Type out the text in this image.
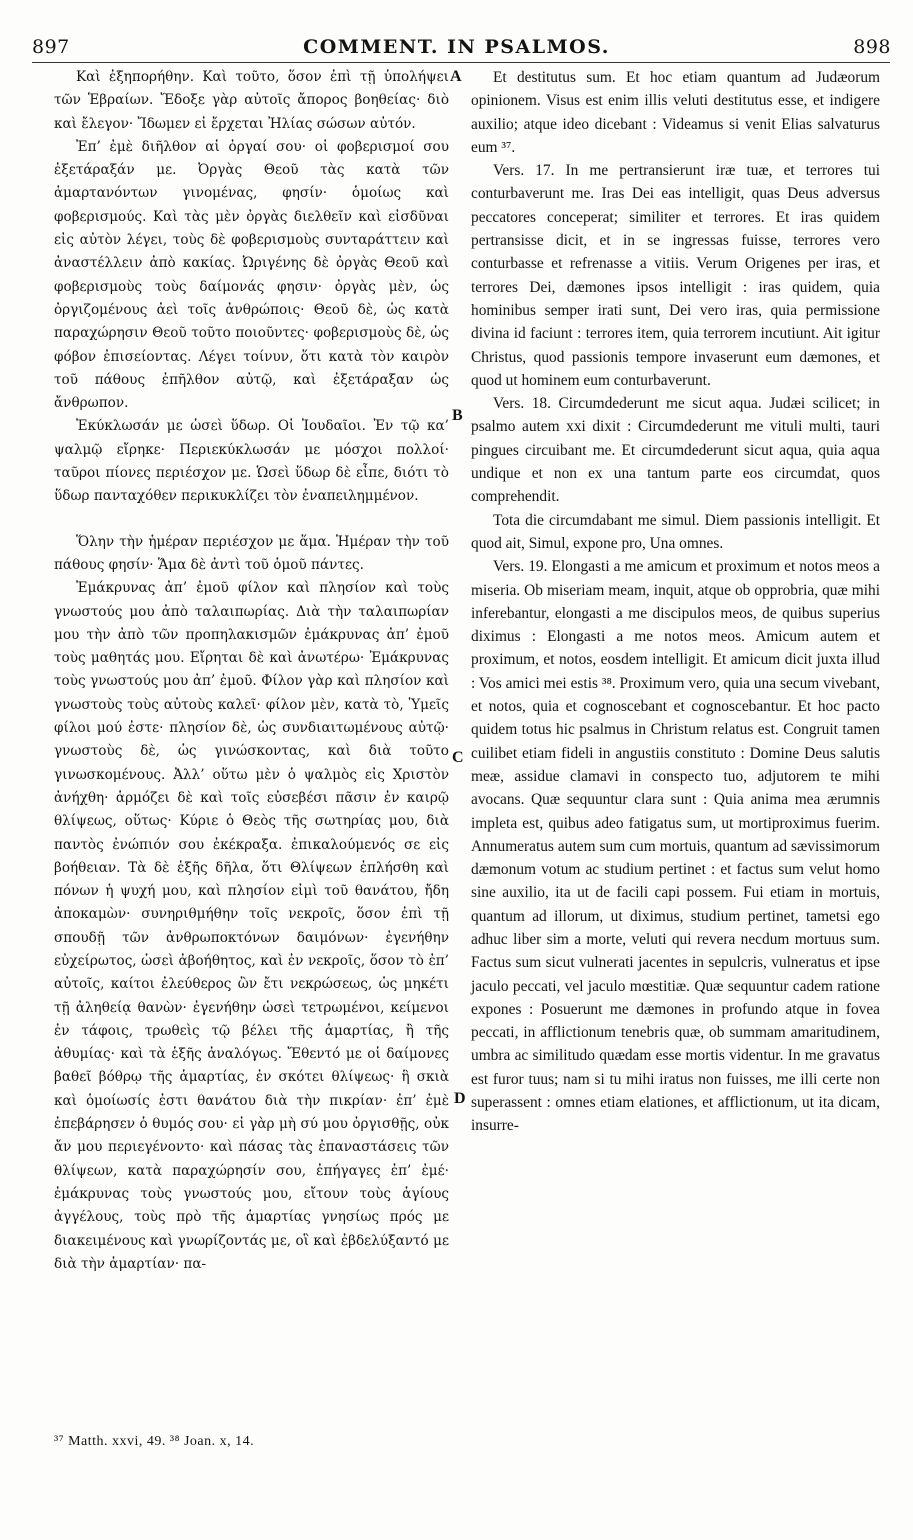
897	COMMENT. IN PSALMOS.	898

Καὶ ἐξηπορήθην. Καὶ τοῦτο, ὅσον ἐπὶ τῇ ὑπολήψει τῶν Ἑβραίων. Ἔδοξε γὰρ αὐτοῖς ἄπορος βοηθείας· διὸ καὶ ἔλεγον· Ἴδωμεν εἰ ἔρχεται Ἠλίας σώσων αὐτόν.

Ἐπ’ ἐμὲ διῆλθον αἱ ὀργαί σου· οἱ φοβερισμοί σου ἐξετάραξάν με. Ὀργὰς Θεοῦ τὰς κατὰ τῶν ἁμαρτανόντων γινομένας, φησίν· ὁμοίως καὶ φοβερισμούς. Καὶ τὰς μὲν ὀργὰς διελθεῖν καὶ εἰσδῦναι εἰς αὐτὸν λέγει, τοὺς δὲ φοβερισμοὺς συνταράττειν καὶ ἀναστέλλειν ἀπὸ κακίας. Ὠριγένης δὲ ὀργὰς Θεοῦ καὶ φοβερισμοὺς τοὺς δαίμονάς φησιν· ὀργὰς μὲν, ὡς ὀργιζομένους ἀεὶ τοῖς ἀνθρώποις· Θεοῦ δὲ, ὡς κατὰ παραχώρησιν Θεοῦ τοῦτο ποιοῦντες· φοβερισμοὺς δὲ, ὡς φόβον ἐπισείοντας. Λέγει τοίνυν, ὅτι κατὰ τὸν καιρὸν τοῦ πάθους ἐπῆλθον αὐτῷ, καὶ ἐξετάραξαν ὡς ἄνθρωπον.

Ἐκύκλωσάν με ὡσεὶ ὕδωρ. Οἱ Ἰουδαῖοι. Ἐν τῷ κα’ ψαλμῷ εἴρηκε· Περιεκύκλωσάν με μόσχοι πολλοί· ταῦροι πίονες περιέσχον με. Ὡσεὶ ὕδωρ δὲ εἶπε, διότι τὸ ὕδωρ πανταχόθεν περικυκλίζει τὸν ἐναπειλημμένον.

Ὅλην τὴν ἡμέραν περιέσχον με ἅμα. Ἡμέραν τὴν τοῦ πάθους φησίν· Ἅμα δὲ ἀντὶ τοῦ ὁμοῦ πάντες.

Ἐμάκρυνας ἀπ’ ἐμοῦ φίλον καὶ πλησίον καὶ τοὺς γνωστούς μου ἀπὸ ταλαιπωρίας. Διὰ τὴν ταλαιπωρίαν μου τὴν ἀπὸ τῶν προπηλακισμῶν ἐμάκρυνας ἀπ’ ἐμοῦ τοὺς μαθητάς μου. Εἴρηται δὲ καὶ ἀνωτέρω· Ἐμάκρυνας τοὺς γνωστούς μου ἀπ’ ἐμοῦ. Φίλον γὰρ καὶ πλησίον καὶ γνωστοὺς τοὺς αὐτοὺς καλεῖ· φίλον μὲν, κατὰ τὸ, Ὑμεῖς φίλοι μού ἐστε· πλησίον δὲ, ὡς συνδιαιτωμένους αὐτῷ· γνωστοὺς δὲ, ὡς γινώσκοντας, καὶ διὰ τοῦτο γινωσκομένους. Ἀλλ’ οὕτω μὲν ὁ ψαλμὸς εἰς Χριστὸν ἀνήχθη· ἁρμόζει δὲ καὶ τοῖς εὐσεβέσι πᾶσιν ἐν καιρῷ θλίψεως, οὕτως· Κύριε ὁ Θεὸς τῆς σωτηρίας μου, διὰ παντὸς ἐνώπιόν σου ἐκέκραξα. ἐπικαλούμενός σε εἰς βοήθειαν. Τὰ δὲ ἑξῆς δῆλα, ὅτι Θλίψεων ἐπλήσθη καὶ πόνων ἡ ψυχή μου, καὶ πλησίον εἰμὶ τοῦ θανάτου, ἤδη ἀποκαμὼν· συνηριθμήθην τοῖς νεκροῖς, ὅσον ἐπὶ τῇ σπουδῇ τῶν ἀνθρωποκτόνων δαιμόνων· ἐγενήθην εὐχείρωτος, ὡσεὶ ἀβοήθητος, καὶ ἐν νεκροῖς, ὅσον τὸ ἐπ’ αὐτοῖς, καίτοι ἐλεύθερος ὢν ἔτι νεκρώσεως, ὡς μηκέτι τῇ ἀληθείᾳ θανὼν· ἐγενήθην ὡσεὶ τετρωμένοι, κείμενοι ἐν τάφοις, τρωθεὶς τῷ βέλει τῆς ἁμαρτίας, ἢ τῆς ἀθυμίας· καὶ τὰ ἑξῆς ἀναλόγως. Ἔθεντό με οἱ δαίμονες βαθεῖ βόθρῳ τῆς ἁμαρτίας, ἐν σκότει θλίψεως· ἣ σκιὰ καὶ ὁμοίωσίς ἐστι θανάτου διὰ τὴν πικρίαν· ἐπ’ ἐμὲ ἐπεβάρησεν ὁ θυμός σου· εἰ γὰρ μὴ σύ μου ὀργισθῇς, οὐκ ἄν μου περιεγένοντο· καὶ πάσας τὰς ἐπαναστάσεις τῶν θλίψεων, κατὰ παραχώρησίν σου, ἐπήγαγες ἐπ’ ἐμέ· ἐμάκρυνας τοὺς γνωστούς μου, εἴτουν τοὺς ἁγίους ἀγγέλους, τοὺς πρὸ τῆς ἁμαρτίας γνησίως πρός με διακειμένους καὶ γνωρίζοντάς με, οἳ καὶ ἐβδελύξαντό με διὰ τὴν ἁμαρτίαν· πα-

A
B
C
D

Et destitutus sum. Et hoc etiam quantum ad Judæorum opinionem. Visus est enim illis veluti destitutus esse, et indigere auxilio; atque ideo dicebant : Videamus si venit Elias salvaturus eum ³⁷.

Vers. 17. In me pertransierunt iræ tuæ, et terrores tui conturbaverunt me. Iras Dei eas intelligit, quas Deus adversus peccatores conceperat; similiter et terrores. Et iras quidem pertransisse dicit, et in se ingressas fuisse, terrores vero conturbasse et refrenasse a vitiis. Verum Origenes per iras, et terrores Dei, dæmones ipsos intelligit : iras quidem, quia hominibus semper irati sunt, Dei vero iras, quia permissione divina id faciunt : terrores item, quia terrorem incutiunt. Ait igitur Christus, quod passionis tempore invaserunt eum dæmones, et quod ut hominem eum conturbaverunt.

Vers. 18. Circumdederunt me sicut aqua. Judæi scilicet; in psalmo autem xxi dixit : Circumdederunt me vituli multi, tauri pingues circuibant me. Et circumdederunt sicut aqua, quia aqua undique et non ex una tantum parte eos circumdat, quos comprehendit.

Tota die circumdabant me simul. Diem passionis intelligit. Et quod ait, Simul, expone pro, Una omnes.

Vers. 19. Elongasti a me amicum et proximum et notos meos a miseria. Ob miseriam meam, inquit, atque ob opprobria, quæ mihi inferebantur, elongasti a me discipulos meos, de quibus superius diximus : Elongasti a me notos meos. Amicum autem et proximum, et notos, eosdem intelligit. Et amicum dicit juxta illud : Vos amici mei estis ³⁸. Proximum vero, quia una secum vivebant, et notos, quia et cognoscebant et cognoscebantur. Et hoc pacto quidem totus hic psalmus in Christum relatus est. Congruit tamen cuilibet etiam fideli in angustiis constituto : Domine Deus salutis meæ, assidue clamavi in conspecto tuo, adjutorem te mihi avocans. Quæ sequuntur clara sunt : Quia anima mea ærumnis impleta est, quibus adeo fatigatus sum, ut mortiproximus fuerim. Annumeratus autem sum cum mortuis, quantum ad sævissimorum dæmonum votum ac studium pertinet : et factus sum velut homo sine auxilio, ita ut de facili capi possem. Fui etiam in mortuis, quantum ad illorum, ut diximus, studium pertinet, tametsi ego adhuc liber sim a morte, veluti qui revera necdum mortuus sum. Factus sum sicut vulnerati jacentes in sepulcris, vulneratus et ipse jaculo peccati, vel jaculo mœstitiæ. Quæ sequuntur cadem ratione expones : Posuerunt me dæmones in profundo atque in fovea peccati, in afflictionum tenebris quæ, ob summam amaritudinem, umbra ac similitudo quædam esse mortis videntur. In me gravatus est furor tuus; nam si tu mihi iratus non fuisses, me illi certe non superassent : omnes etiam elationes, et afflictionum, ut ita dicam, insurre-

³⁷ Matth. xxvi, 49. ³⁸ Joan. x, 14.
